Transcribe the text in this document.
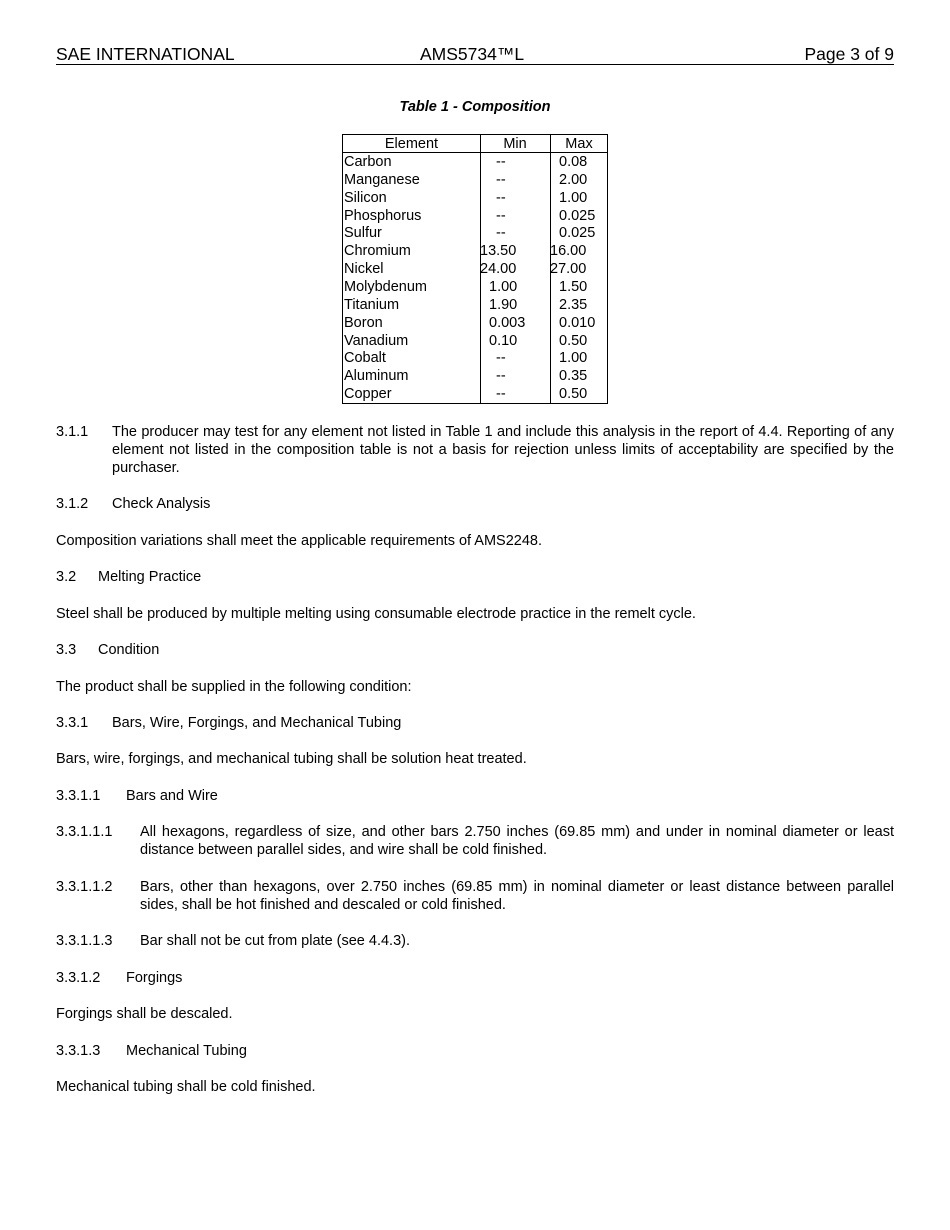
SAE INTERNATIONAL	AMS5734™L	Page 3 of 9
Table 1 - Composition
Element	Min	Max
Carbon	--	0.08
Manganese	--	2.00
Silicon	--	1.00
Phosphorus	--	0.025
Sulfur	--	0.025
Chromium	13.50	16.00
Nickel	24.00	27.00
Molybdenum	1.00	1.50
Titanium	1.90	2.35
Boron	0.003	0.010
Vanadium	0.10	0.50
Cobalt	--	1.00
Aluminum	--	0.35
Copper	--	0.50
3.1.1 The producer may test for any element not listed in Table 1 and include this analysis in the report of 4.4. Reporting of any element not listed in the composition table is not a basis for rejection unless limits of acceptability are specified by the purchaser.
3.1.2 Check Analysis
Composition variations shall meet the applicable requirements of AMS2248.
3.2 Melting Practice
Steel shall be produced by multiple melting using consumable electrode practice in the remelt cycle.
3.3 Condition
The product shall be supplied in the following condition:
3.3.1 Bars, Wire, Forgings, and Mechanical Tubing
Bars, wire, forgings, and mechanical tubing shall be solution heat treated.
3.3.1.1 Bars and Wire
3.3.1.1.1 All hexagons, regardless of size, and other bars 2.750 inches (69.85 mm) and under in nominal diameter or least distance between parallel sides, and wire shall be cold finished.
3.3.1.1.2 Bars, other than hexagons, over 2.750 inches (69.85 mm) in nominal diameter or least distance between parallel sides, shall be hot finished and descaled or cold finished.
3.3.1.1.3 Bar shall not be cut from plate (see 4.4.3).
3.3.1.2 Forgings
Forgings shall be descaled.
3.3.1.3 Mechanical Tubing
Mechanical tubing shall be cold finished.
